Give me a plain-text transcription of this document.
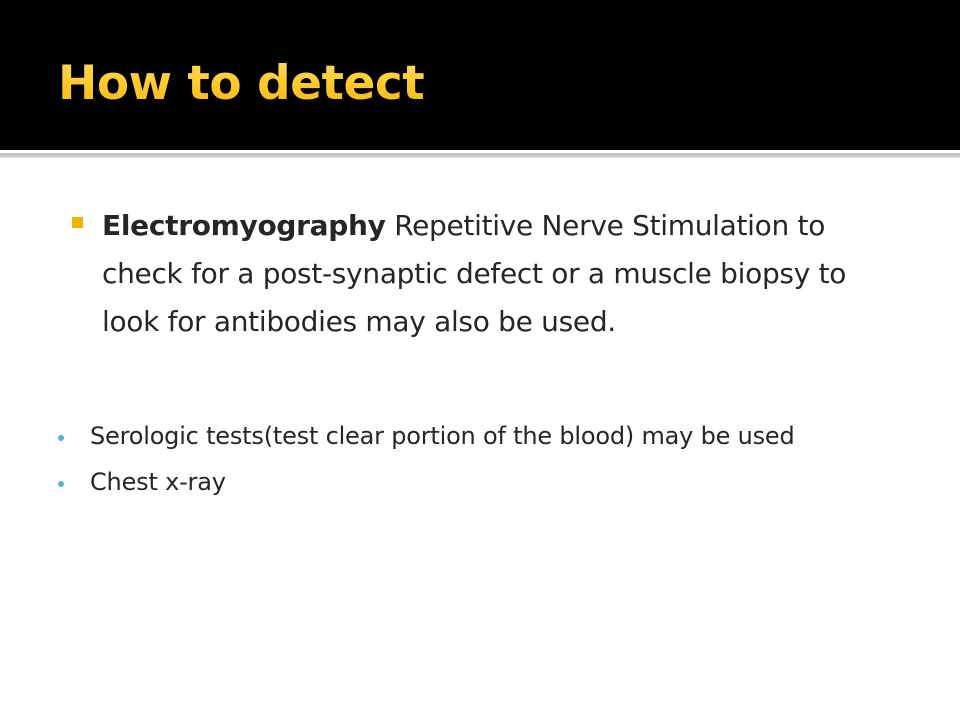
How to detect

Electromyography Repetitive Nerve Stimulation to check for a post-synaptic defect or a muscle biopsy to look for antibodies may also be used.

Serologic tests(test clear portion of the blood) may be used
Chest x-ray
